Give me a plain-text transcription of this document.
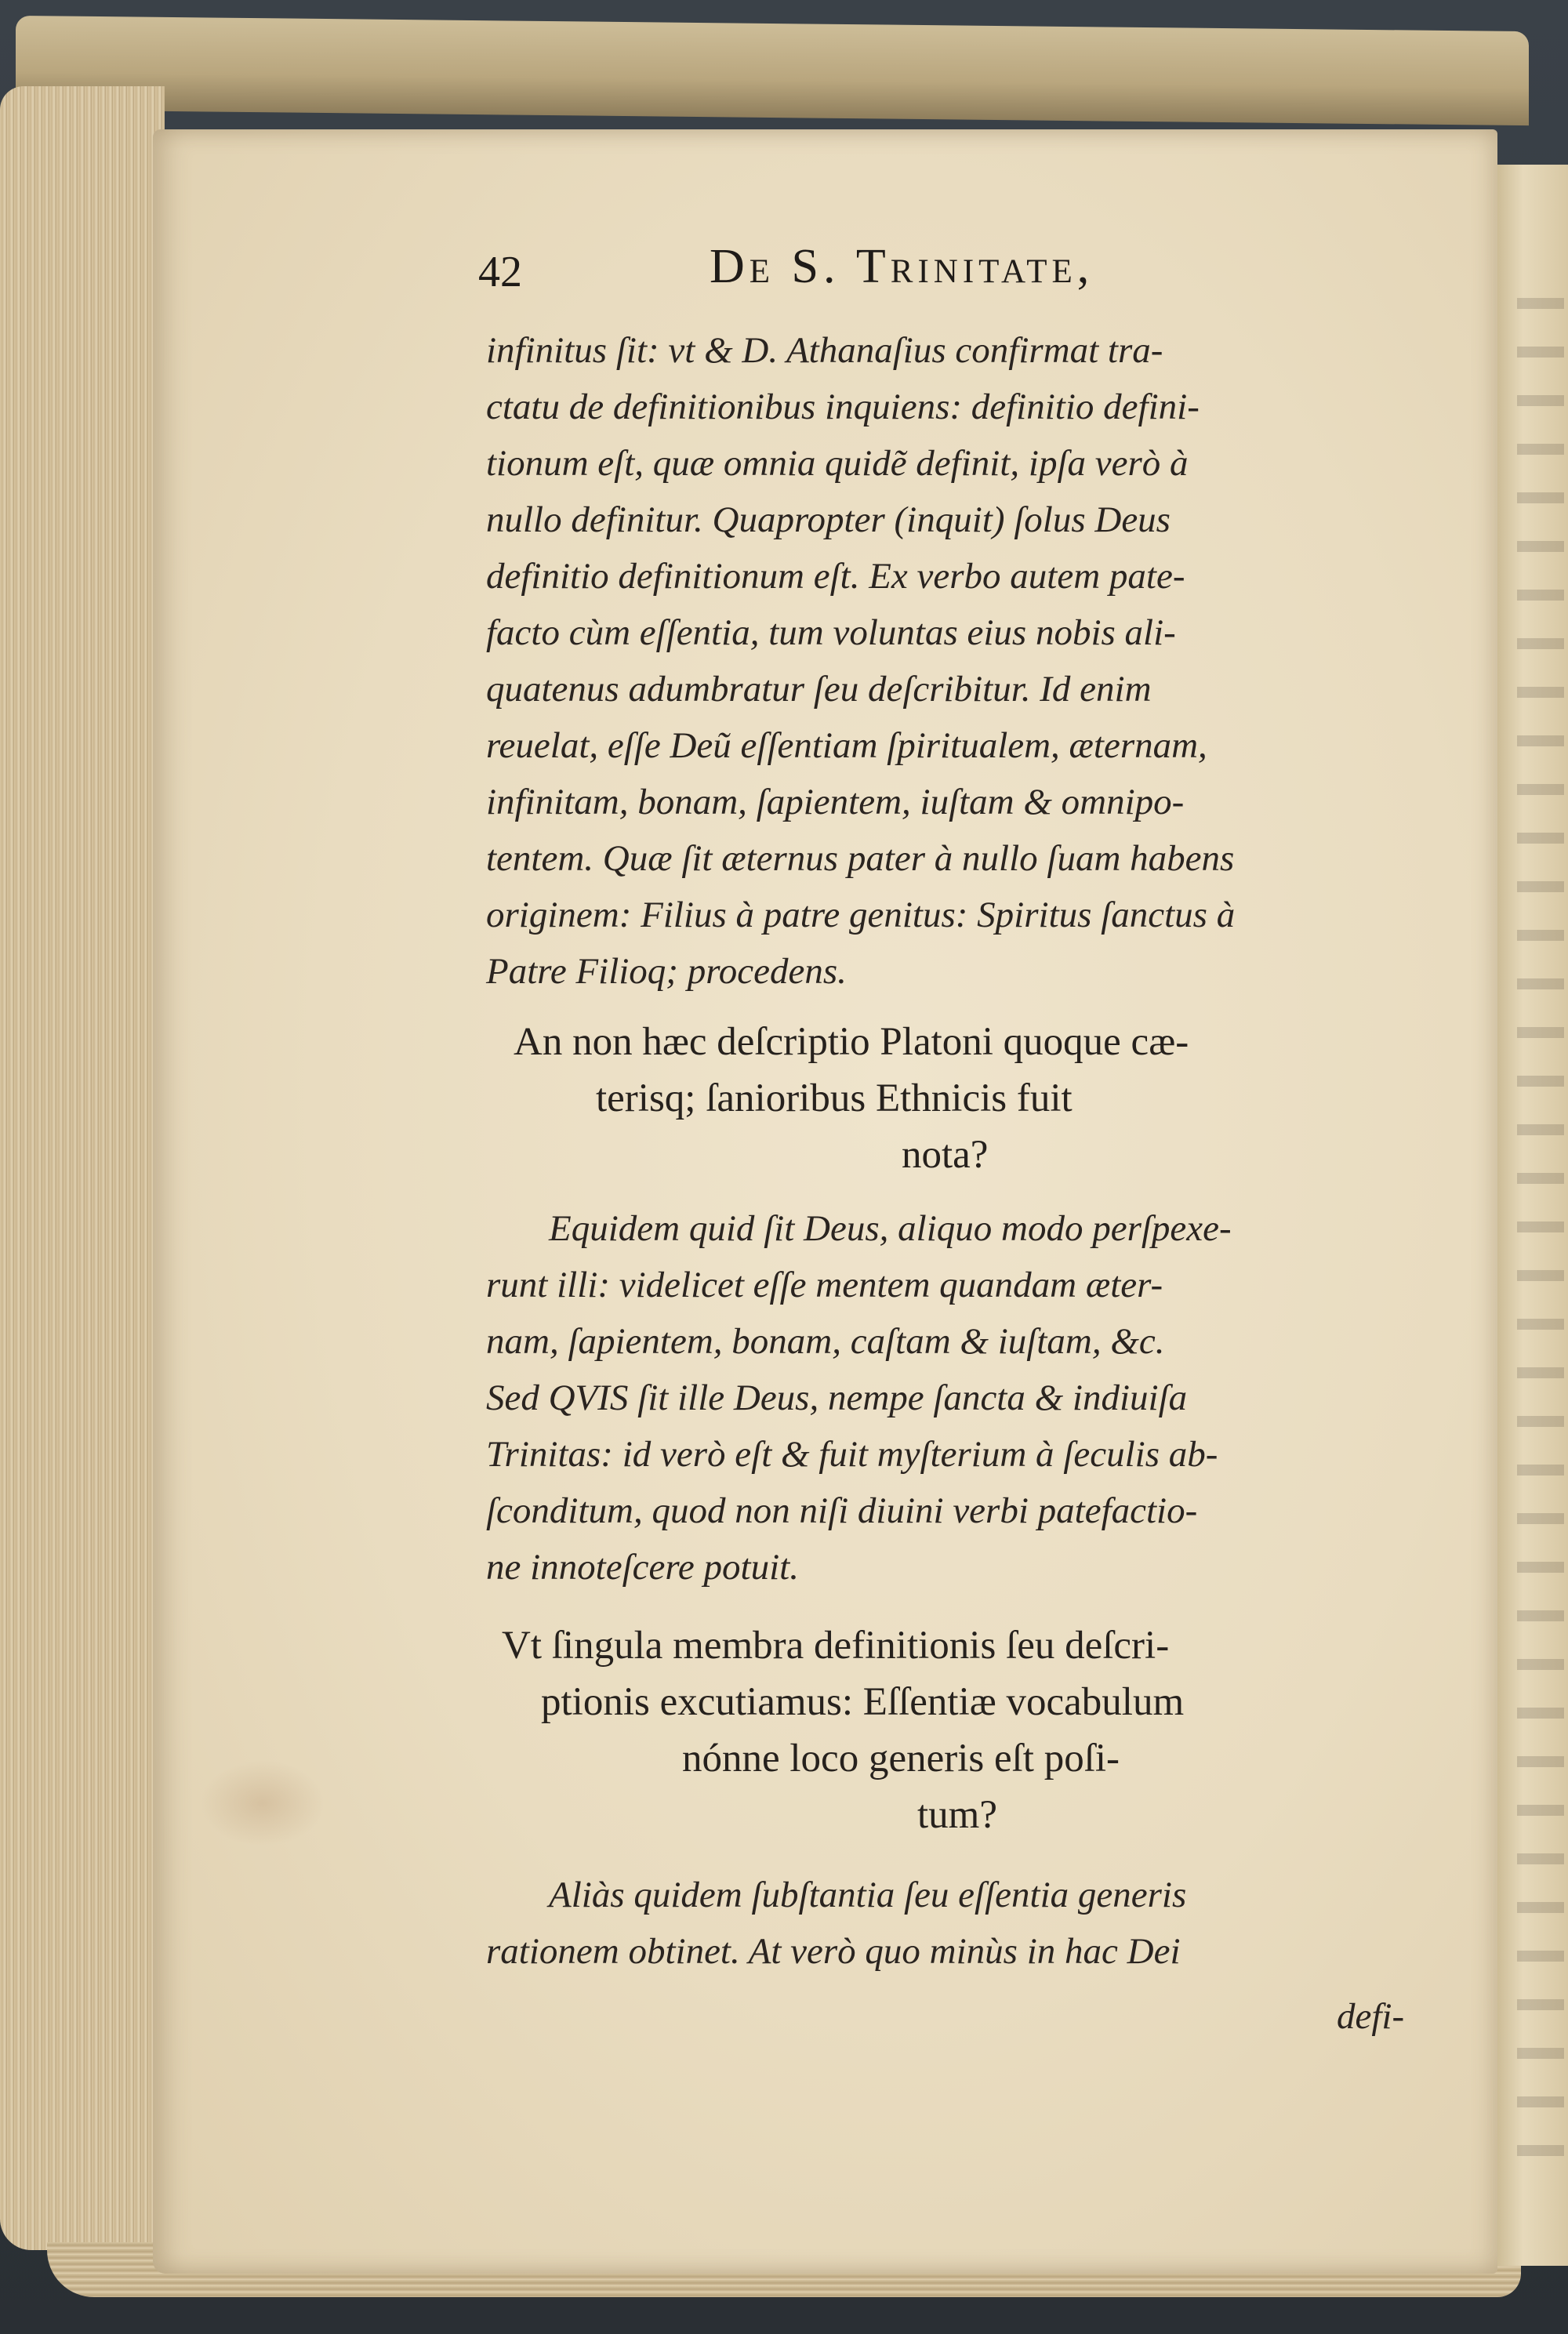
42	De S. Trinitate,
infinitus ſit: vt & D. Athanaſius confirmat tra-
ctatu de definitionibus inquiens: definitio defini-
tionum eſt, quæ omnia quidẽ definit, ipſa verò à
nullo definitur. Quapropter (inquit) ſolus Deus
definitio definitionum eſt. Ex verbo autem pate-
facto cùm eſſentia, tum voluntas eius nobis ali-
quatenus adumbratur ſeu deſcribitur. Id enim
reuelat, eſſe Deũ eſſentiam ſpiritualem, æternam,
infinitam, bonam, ſapientem, iuſtam & omnipo-
tentem. Quæ ſit æternus pater à nullo ſuam habens
originem: Filius à patre genitus: Spiritus ſanctus à
Patre Filioq; procedens.
An non hæc deſcriptio Platoni quoque cæ-
terisq; ſanioribus Ethnicis fuit
nota?
Equidem quid ſit Deus, aliquo modo perſpexe-
runt illi: videlicet eſſe mentem quandam æter-
nam, ſapientem, bonam, caſtam & iuſtam, &c.
Sed QVIS ſit ille Deus, nempe ſancta & indiuiſa
Trinitas: id verò eſt & fuit myſterium à ſeculis ab-
ſconditum, quod non niſi diuini verbi patefactio-
ne innoteſcere potuit.
Vt ſingula membra definitionis ſeu deſcri-
ptionis excutiamus: Eſſentiæ vocabulum
nónne loco generis eſt poſi-
tum?
Aliàs quidem ſubſtantia ſeu eſſentia generis
rationem obtinet. At verò quo minùs in hac Dei
defi-
